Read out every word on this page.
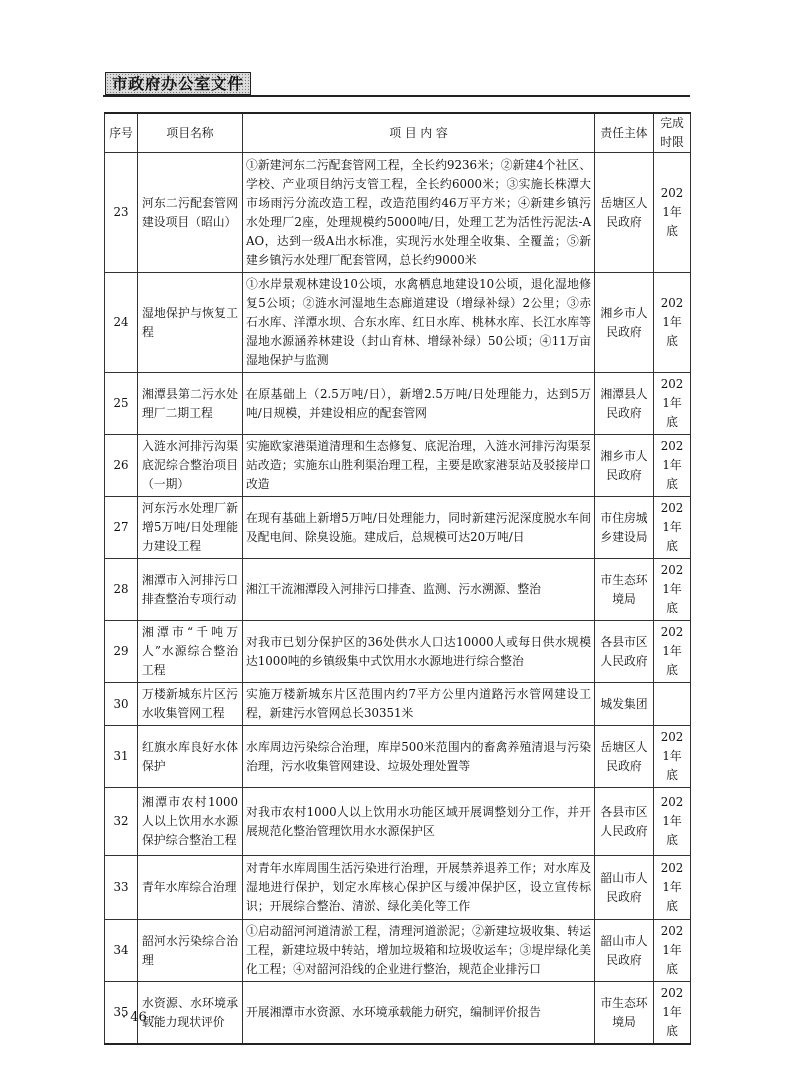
市政府办公室文件
序号	项目名称	项 目 内 容	责任主体	完成时限
23	河东二污配套管网建设项目（昭山）	①新建河东二污配套管网工程，全长约9236米；②新建4个社区、学校、产业项目纳污支管工程，全长约6000米；③实施长株潭大市场雨污分流改造工程，改造范围约46万平方米；④新建乡镇污水处理厂2座，处理规模约5000吨/日，处理工艺为活性污泥法-AAO，达到一级A出水标准，实现污水处理全收集、全覆盖；⑤新建乡镇污水处理厂配套管网，总长约9000米	岳塘区人民政府	2021年底
24	湿地保护与恢复工程	①水岸景观林建设10公顷，水禽栖息地建设10公顷，退化湿地修复5公顷；②涟水河湿地生态廊道建设（增绿补绿）2公里；③赤石水库、洋潭水坝、合东水库、红日水库、桃林水库、长江水库等湿地水源涵养林建设（封山育林、增绿补绿）50公顷；④11万亩湿地保护与监测	湘乡市人民政府	2021年底
25	湘潭县第二污水处理厂二期工程	在原基础上（2.5万吨/日），新增2.5万吨/日处理能力，达到5万吨/日规模，并建设相应的配套管网	湘潭县人民政府	2021年底
26	入涟水河排污沟渠底泥综合整治项目（一期）	实施欧家港渠道清理和生态修复、底泥治理，入涟水河排污沟渠泵站改造；实施东山胜利渠治理工程，主要是欧家港泵站及驳接岸口改造	湘乡市人民政府	2021年底
27	河东污水处理厂新增5万吨/日处理能力建设工程	在现有基础上新增5万吨/日处理能力，同时新建污泥深度脱水车间及配电间、除臭设施。建成后，总规模可达20万吨/日	市住房城乡建设局	2021年底
28	湘潭市入河排污口排查整治专项行动	湘江干流湘潭段入河排污口排查、监测、污水溯源、整治	市生态环境局	2021年底
29	湘潭市“千吨万人”水源综合整治工程	对我市已划分保护区的36处供水人口达10000人或每日供水规模达1000吨的乡镇级集中式饮用水水源地进行综合整治	各县市区人民政府	2021年底
30	万楼新城东片区污水收集管网工程	实施万楼新城东片区范围内约7平方公里内道路污水管网建设工程，新建污水管网总长30351米	城发集团	
31	红旗水库良好水体保护	水库周边污染综合治理，库岸500米范围内的畜禽养殖清退与污染治理，污水收集管网建设、垃圾处理处置等	岳塘区人民政府	2021年底
32	湘潭市农村1000人以上饮用水水源保护综合整治工程	对我市农村1000人以上饮用水功能区域开展调整划分工作，并开展规范化整治管理饮用水水源保护区	各县市区人民政府	2021年底
33	青年水库综合治理	对青年水库周围生活污染进行治理，开展禁养退养工作；对水库及湿地进行保护，划定水库核心保护区与缓冲保护区，设立宣传标识；开展综合整治、清淤、绿化美化等工作	韶山市人民政府	2021年底
34	韶河水污染综合治理	①启动韶河河道清淤工程，清理河道淤泥；②新建垃圾收集、转运工程，新建垃圾中转站，增加垃圾箱和垃圾收运车；③堤岸绿化美化工程；④对韶河沿线的企业进行整治，规范企业排污口	韶山市人民政府	2021年底
35	水资源、水环境承载能力现状评价	开展湘潭市水资源、水环境承载能力研究，编制评价报告	市生态环境局	2021年底
· 46 ·
